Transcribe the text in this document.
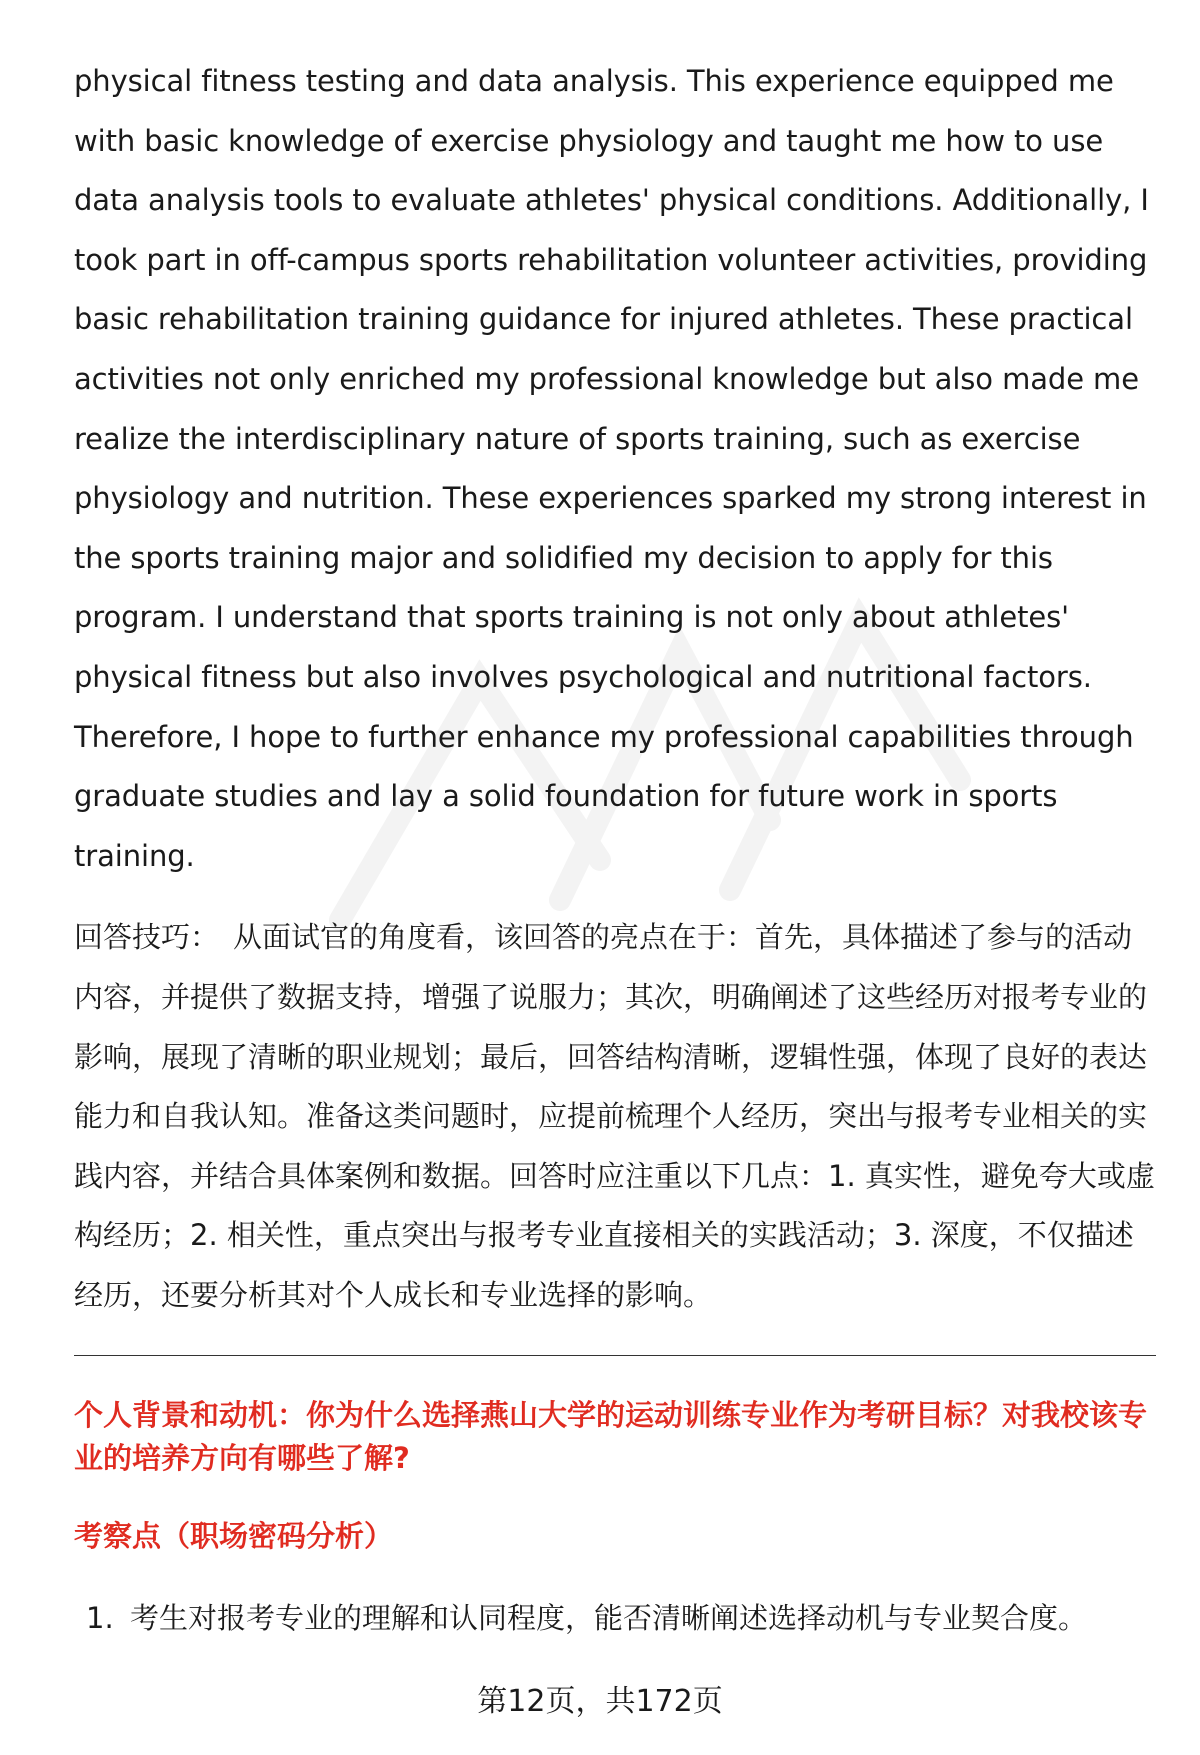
physical fitness testing and data analysis. This experience equipped me with basic knowledge of exercise physiology and taught me how to use data analysis tools to evaluate athletes' physical conditions. Additionally, I took part in off-campus sports rehabilitation volunteer activities, providing basic rehabilitation training guidance for injured athletes. These practical activities not only enriched my professional knowledge but also made me realize the interdisciplinary nature of sports training, such as exercise physiology and nutrition. These experiences sparked my strong interest in the sports training major and solidified my decision to apply for this program. I understand that sports training is not only about athletes' physical fitness but also involves psychological and nutritional factors. Therefore, I hope to further enhance my professional capabilities through graduate studies and lay a solid foundation for future work in sports training.

回答技巧： 从面试官的角度看，该回答的亮点在于：首先，具体描述了参与的活动内容，并提供了数据支持，增强了说服力；其次，明确阐述了这些经历对报考专业的影响，展现了清晰的职业规划；最后，回答结构清晰，逻辑性强，体现了良好的表达能力和自我认知。准备这类问题时，应提前梳理个人经历，突出与报考专业相关的实践内容，并结合具体案例和数据。回答时应注重以下几点：1. 真实性，避免夸大或虚构经历；2. 相关性，重点突出与报考专业直接相关的实践活动；3. 深度，不仅描述经历，还要分析其对个人成长和专业选择的影响。

个人背景和动机：你为什么选择燕山大学的运动训练专业作为考研目标？对我校该专业的培养方向有哪些了解?

考察点（职场密码分析）

1. 考生对报考专业的理解和认同程度，能否清晰阐述选择动机与专业契合度。
第12页，共172页
